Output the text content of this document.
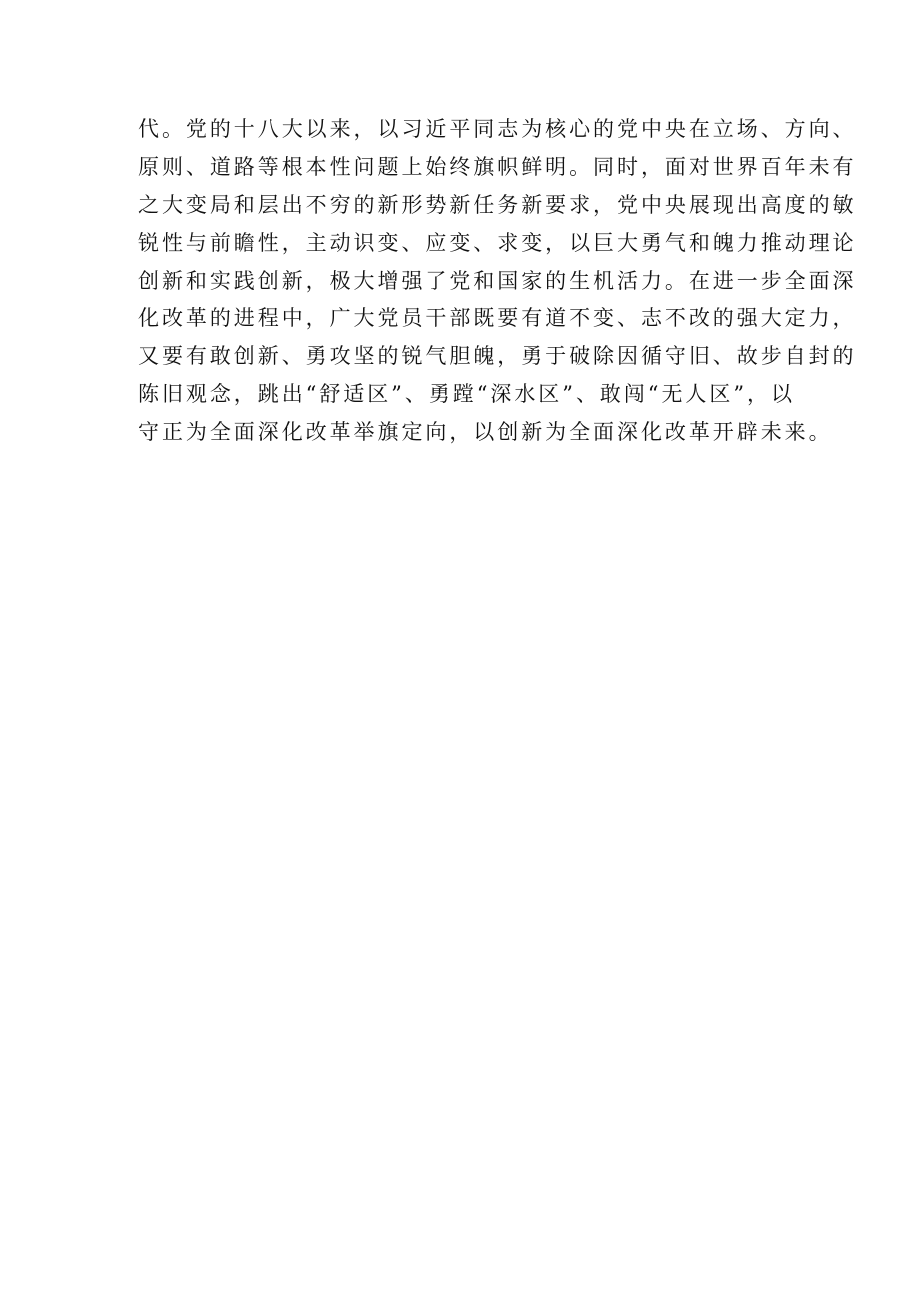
代。党的十八大以来，以习近平同志为核心的党中央在立场、方向、
原则、道路等根本性问题上始终旗帜鲜明。同时，面对世界百年未有
之大变局和层出不穷的新形势新任务新要求，党中央展现出高度的敏
锐性与前瞻性，主动识变、应变、求变，以巨大勇气和魄力推动理论
创新和实践创新，极大增强了党和国家的生机活力。在进一步全面深
化改革的进程中，广大党员干部既要有道不变、志不改的强大定力，
又要有敢创新、勇攻坚的锐气胆魄，勇于破除因循守旧、故步自封的
陈旧观念，跳出“舒适区”、勇蹚“深水区”、敢闯“无人区”，以
守正为全面深化改革举旗定向，以创新为全面深化改革开辟未来。
